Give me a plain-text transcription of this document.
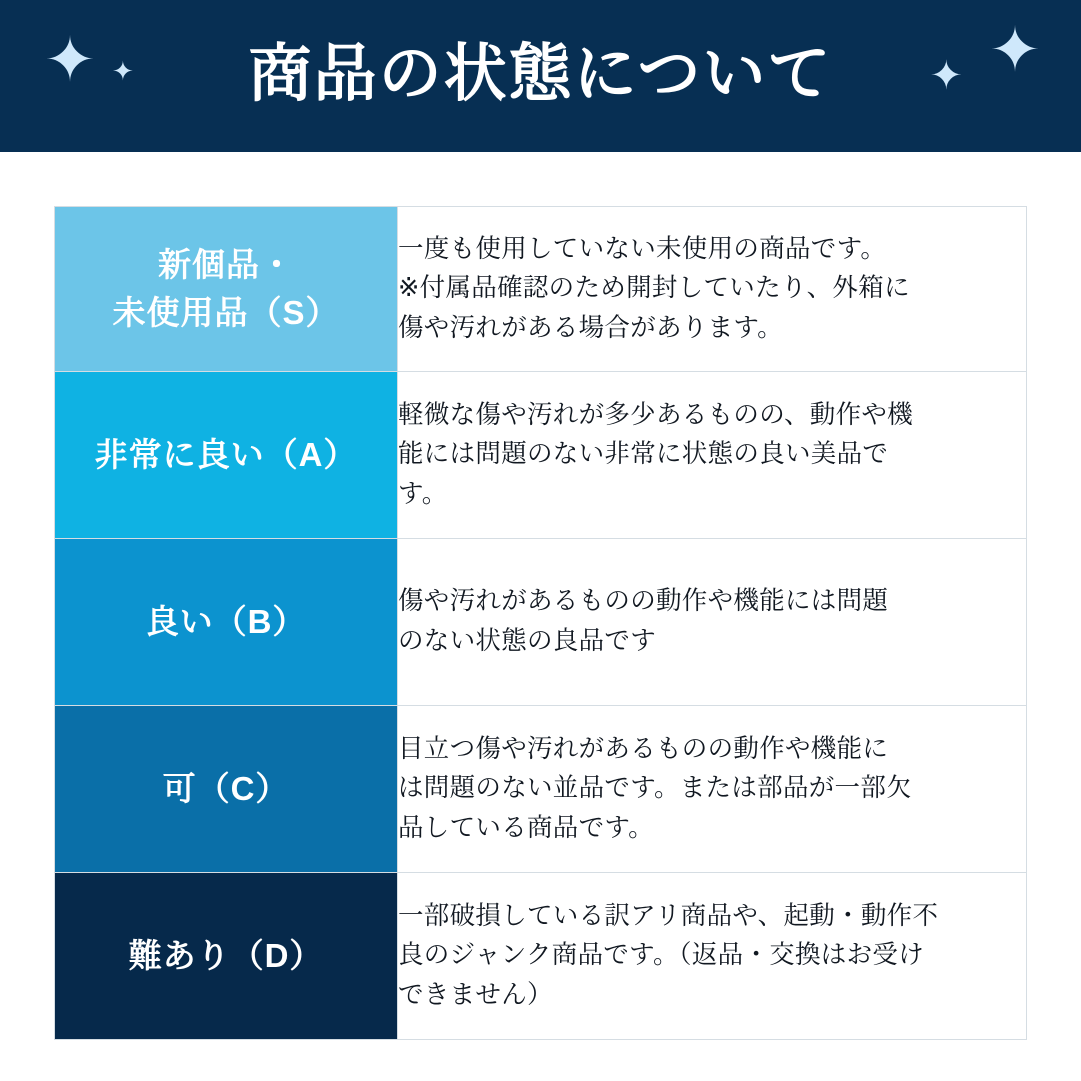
✦ ✦ 商品の状態について	✦
✦
新個品・
未使用品（S）	一度も使用していない未使用の商品です。
※付属品確認のため開封していたり、外箱に
傷や汚れがある場合があります。

非常に良い（A）	軽微な傷や汚れが多少あるものの、動作や機
能には問題のない非常に状態の良い美品で
す。

良い（B）	傷や汚れがあるものの動作や機能には問題
のない状態の良品です

可（C）	目立つ傷や汚れがあるものの動作や機能に
は問題のない並品です。または部品が一部欠
品している商品です。

難あり（D）	一部破損している訳アリ商品や、起動・動作不
良のジャンク商品です。（返品・交換はお受け
できません）
